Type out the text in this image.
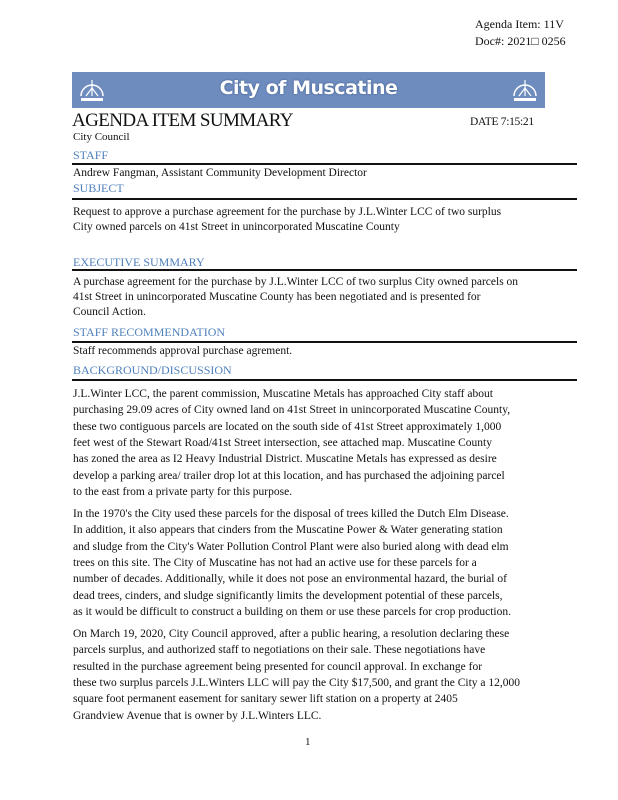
Agenda Item: 11V
Doc#: 2021□ 0256
City of Muscatine
AGENDA ITEM SUMMARY	DATE 7:15:21
City Council
STAFF
Andrew Fangman, Assistant Community Development Director
SUBJECT
Request to approve a purchase agreement for the purchase by J.L.Winter LCC of two surplus
City owned parcels on 41st Street in unincorporated Muscatine County
EXECUTIVE SUMMARY
A purchase agreement for the purchase by J.L.Winter LCC of two surplus City owned parcels on
41st Street in unincorporated Muscatine County has been negotiated and is presented for
Council Action.
STAFF RECOMMENDATION
Staff recommends approval purchase agrement.
BACKGROUND/DISCUSSION
J.L.Winter LCC, the parent commission, Muscatine Metals has approached City staff about
purchasing 29.09 acres of City owned land on 41st Street in unincorporated Muscatine County,
these two contiguous parcels are located on the south side of 41st Street approximately 1,000
feet west of the Stewart Road/41st Street intersection, see attached map. Muscatine County
has zoned the area as I2 Heavy Industrial District. Muscatine Metals has expressed as desire
develop a parking area/ trailer drop lot at this location, and has purchased the adjoining parcel
to the east from a private party for this purpose.
In the 1970's the City used these parcels for the disposal of trees killed the Dutch Elm Disease.
In addition, it also appears that cinders from the Muscatine Power & Water generating station
and sludge from the City's Water Pollution Control Plant were also buried along with dead elm
trees on this site. The City of Muscatine has not had an active use for these parcels for a
number of decades. Additionally, while it does not pose an environmental hazard, the burial of
dead trees, cinders, and sludge significantly limits the development potential of these parcels,
as it would be difficult to construct a building on them or use these parcels for crop production.
On March 19, 2020, City Council approved, after a public hearing, a resolution declaring these
parcels surplus, and authorized staff to negotiations on their sale. These negotiations have
resulted in the purchase agreement being presented for council approval. In exchange for
these two surplus parcels J.L.Winters LLC will pay the City $17,500, and grant the City a 12,000
square foot permanent easement for sanitary sewer lift station on a property at 2405
Grandview Avenue that is owner by J.L.Winters LLC.
1
